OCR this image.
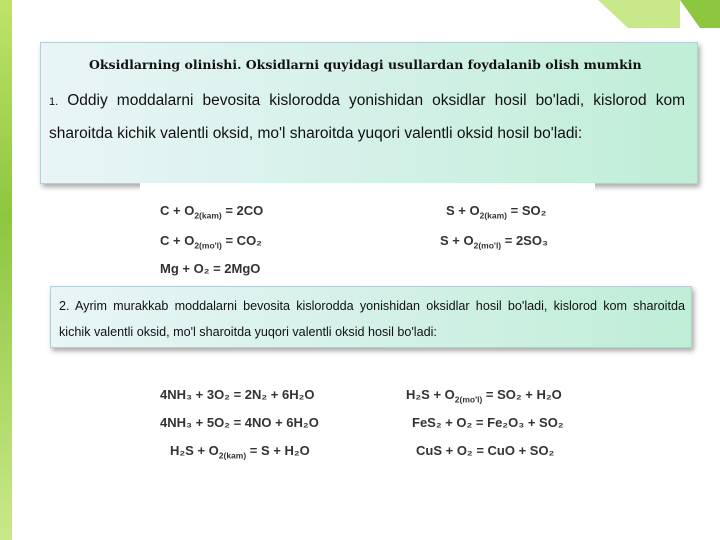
Oksidlarning olinishi. Oksidlarni quyidagi usullardan foydalanib olish mumkin
1. Oddiy moddalarni bevosita kislorodda yonishidan oksidlar hosil bo'ladi, kislorod kom sharoitda kichik valentli oksid, mo'l sharoitda yuqori valentli oksid hosil bo'ladi:
$C + O_{2(kam)} = 2CO$
$C + O_{2(mo'l)} = CO_2$
Mg + O₂ = 2MgO
$S + O_{2(kam)} = SO_2$
$S + O_{2(mo'l)} = 2SO_3$
2. Ayrim murakkab moddalarni bevosita kislorodda yonishidan oksidlar hosil bo'ladi, kislorod kom sharoitda kichik valentli oksid, mo'l sharoitda yuqori valentli oksid hosil bo'ladi:
4NH₃ + 3O₂ = 2N₂ + 6H₂O
4NH₃ + 5O₂ = 4NO + 6H₂O
$H_2S + O_{2(kam)} = S + H_2O$
$H_2S + O_{2(mo'l)} = SO_2 + H_2O$
FeS₂ + O₂ = Fe₂O₃ + SO₂
CuS + O₂ = CuO + SO₂
